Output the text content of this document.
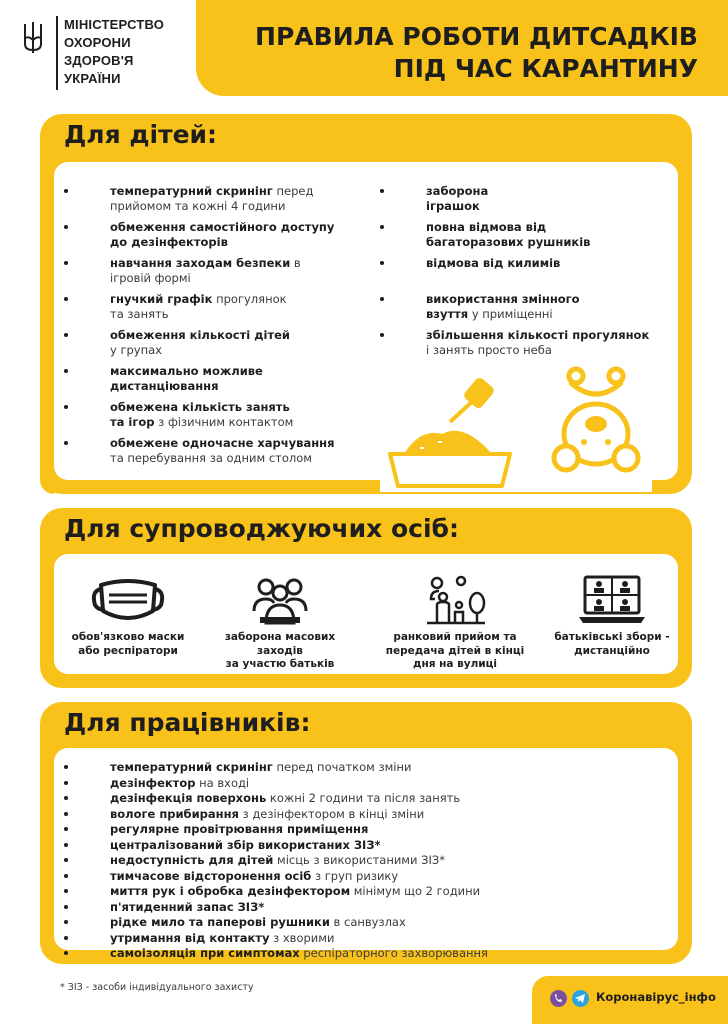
МІНІСТЕРСТВО
ОХОРОНИ
ЗДОРОВ'Я
УКРАЇНИ
ПРАВИЛА РОБОТИ ДИТСАДКІВ
ПІД ЧАС КАРАНТИНУ
Для дітей:
температурний скринінг перед
прийомом та кожні 4 години
обмеження самостійного доступу
до дезінфекторів
навчання заходам безпеки в
ігровій формі
гнучкий графік прогулянок
та занять
обмеження кількості дітей
у групах
максимально можливе
дистанціювання
обмежена кількість занять
та ігор з фізичним контактом
обмежене одночасне харчування
та перебування за одним столом
заборона
іграшок
повна відмова від
багаторазових рушників
відмова від килимів
використання змінного
взуття у приміщенні
збільшення кількості прогулянок
і занять просто неба
Для супроводжуючих осіб:
обов'язково маски
або респіратори
заборона масових заходів
за участю батьків
ранковий прийом та
передача дітей в кінці
дня на вулиці
батьківські збори -
дистанційно
Для працівників:
температурний скринінг перед початком зміни
дезінфектор на вході
дезінфекція поверхонь кожні 2 години та після занять
вологе прибирання з дезінфектором в кінці зміни
регулярне провітрювання приміщення
централізований збір використаних ЗІЗ*
недоступність для дітей місць з використаними ЗІЗ*
тимчасове відсторонення осіб з груп ризику
миття рук і обробка дезінфектором мінімум що 2 години
п'ятиденний запас ЗІЗ*
рідке мило та паперові рушники в санвузлах
утримання від контакту з хворими
самоізоляція при симптомах респіраторного захворювання
* ЗІЗ - засоби індивідуального захисту
Коронавірус_інфо
